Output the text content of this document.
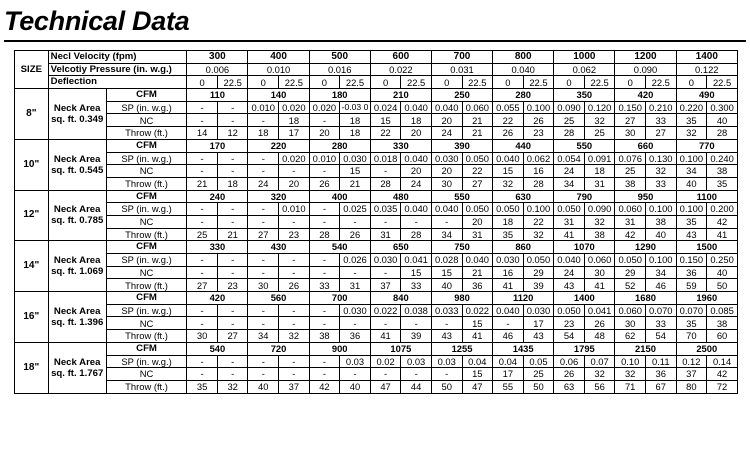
Technical Data
SIZE	Necl Velocity (fpm)		300		400		500		600		700		800		1000		1200		1400	
	Velcotiy Pressure (in. w.g.)		0.006		0.010		0.016		0.022		0.031		0.040		0.062		0.090		0.122	
	Deflection		0	22.5	0	22.5	0	22.5	0	22.5	0	22.5	0	22.5	0	22.5	0	22.5	0	22.5
8"	Neck Area
sq. ft. 0.349	CFM	110		140		180		210		250		280		350		420		490	
		SP (in. w.g.)	-	-	0.010	0.020	0.020	-0.03 0	0.024	0.040	0.040	0.060	0.055	0.100	0.090	0.120	0.150	0.210	0.220	0.300
		NC	-	-	-	18	-	18	15	18	20	21	22	26	25	32	27	33	35	40
		Throw (ft.)	14	12	18	17	20	18	22	20	24	21	26	23	28	25	30	27	32	28
10"	Neck Area
sq. ft. 0.545	CFM	170		220		280		330		390		440		550		660		770	
		SP (in. w.g.)	-	-	-	0.020	0.010	0.030	0.018	0.040	0.030	0.050	0.040	0.062	0.054	0.091	0.076	0.130	0.100	0.240
		NC	-	-	-	-	-	15	-	20	20	22	15	16	24	18	25	32	34	38
		Throw (ft.)	21	18	24	20	26	21	28	24	30	27	32	28	34	31	38	33	40	35
12"	Neck Area
sq. ft. 0.785	CFM	240		320		400		480		550		630		790		950		1100	
		SP (in. w.g.)	-	-	-	0.010	-	0.025	0.035	0.040	0.040	0.050	0.050	0.100	0.050	0.090	0.060	0.100	0.100	0.200
		NC	-	-	-	-	-	-	-	-	-	20	18	22	31	32	31	38	35	42
		Throw (ft.)	25	21	27	23	28	26	31	28	34	31	35	32	41	38	42	40	43	41
14"	Neck Area
sq. ft. 1.069	CFM	330		430		540		650		750		860		1070		1290		1500	
		SP (in. w.g.)	-	-	-	-	-	0.026	0.030	0.041	0.028	0.040	0.030	0.050	0.040	0.060	0.050	0.100	0.150	0.250
		NC	-	-	-	-	-	-	-	15	15	21	16	29	24	30	29	34	36	40
		Throw (ft.)	27	23	30	26	33	31	37	33	40	36	41	39	43	41	52	46	59	50
16"	Neck Area
sq. ft. 1.396	CFM	420		560		700		840		980		1120		1400		1680		1960	
		SP (in. w.g.)	-	-	-	-	-	0.030	0.022	0.038	0.033	0.022	0.040	0.030	0.050	0.041	0.060	0.070	0.070	0.085
		NC	-	-	-	-	-	-	-	-	-	15	-	17	23	26	30	33	35	38
		Throw (ft.)	30	27	34	32	38	36	41	39	43	41	46	43	54	48	62	54	70	60
18"	Neck Area
sq. ft. 1.767	CFM	540		720		900		1075		1255		1435		1795		2150		2500	
		SP (in. w.g.)	-	-	-	-	-	0.03	0.02	0.03	0.03	0.04	0.04	0.05	0.06	0.07	0.10	0.11	0.12	0.14
		NC	-	-	-	-	-	-	-	-	-	15	17	25	26	32	32	36	37	42
		Throw (ft.)	35	32	40	37	42	40	47	44	50	47	55	50	63	56	71	67	80	72
